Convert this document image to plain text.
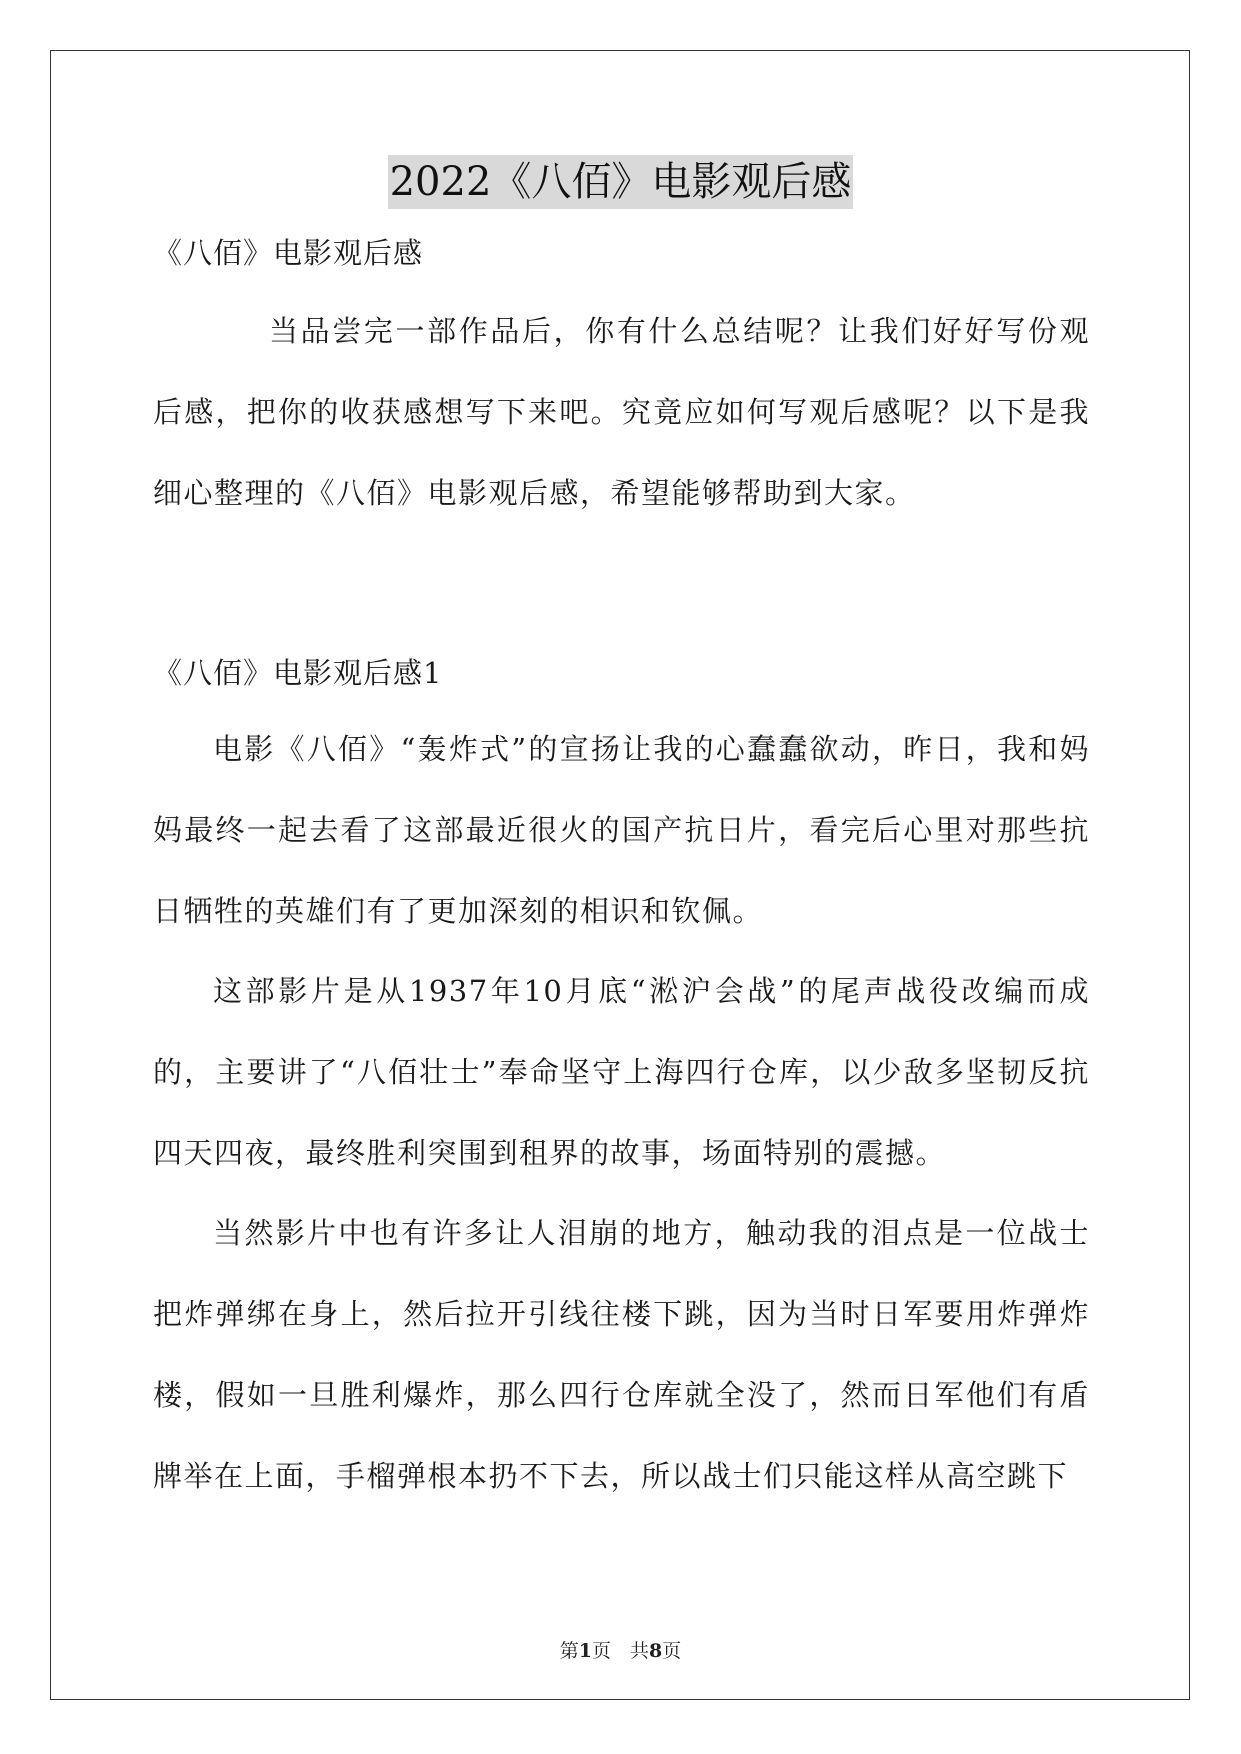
2022《八佰》电影观后感
《八佰》电影观后感
当品尝完一部作品后，你有什么总结呢？让我们好好写份观后感，把你的收获感想写下来吧。究竟应如何写观后感呢？以下是我细心整理的《八佰》电影观后感，希望能够帮助到大家。
《八佰》电影观后感1
电影《八佰》“轰炸式”的宣扬让我的心蠢蠢欲动，昨日，我和妈妈最终一起去看了这部最近很火的国产抗日片，看完后心里对那些抗日牺牲的英雄们有了更加深刻的相识和钦佩。
这部影片是从1937年10月底“淞沪会战”的尾声战役改编而成的，主要讲了“八佰壮士”奉命坚守上海四行仓库，以少敌多坚韧反抗四天四夜，最终胜利突围到租界的故事，场面特别的震撼。
当然影片中也有许多让人泪崩的地方，触动我的泪点是一位战士把炸弹绑在身上，然后拉开引线往楼下跳，因为当时日军要用炸弹炸楼，假如一旦胜利爆炸，那么四行仓库就全没了，然而日军他们有盾牌举在上面，手榴弹根本扔不下去，所以战士们只能这样从高空跳下
第1页　共8页
